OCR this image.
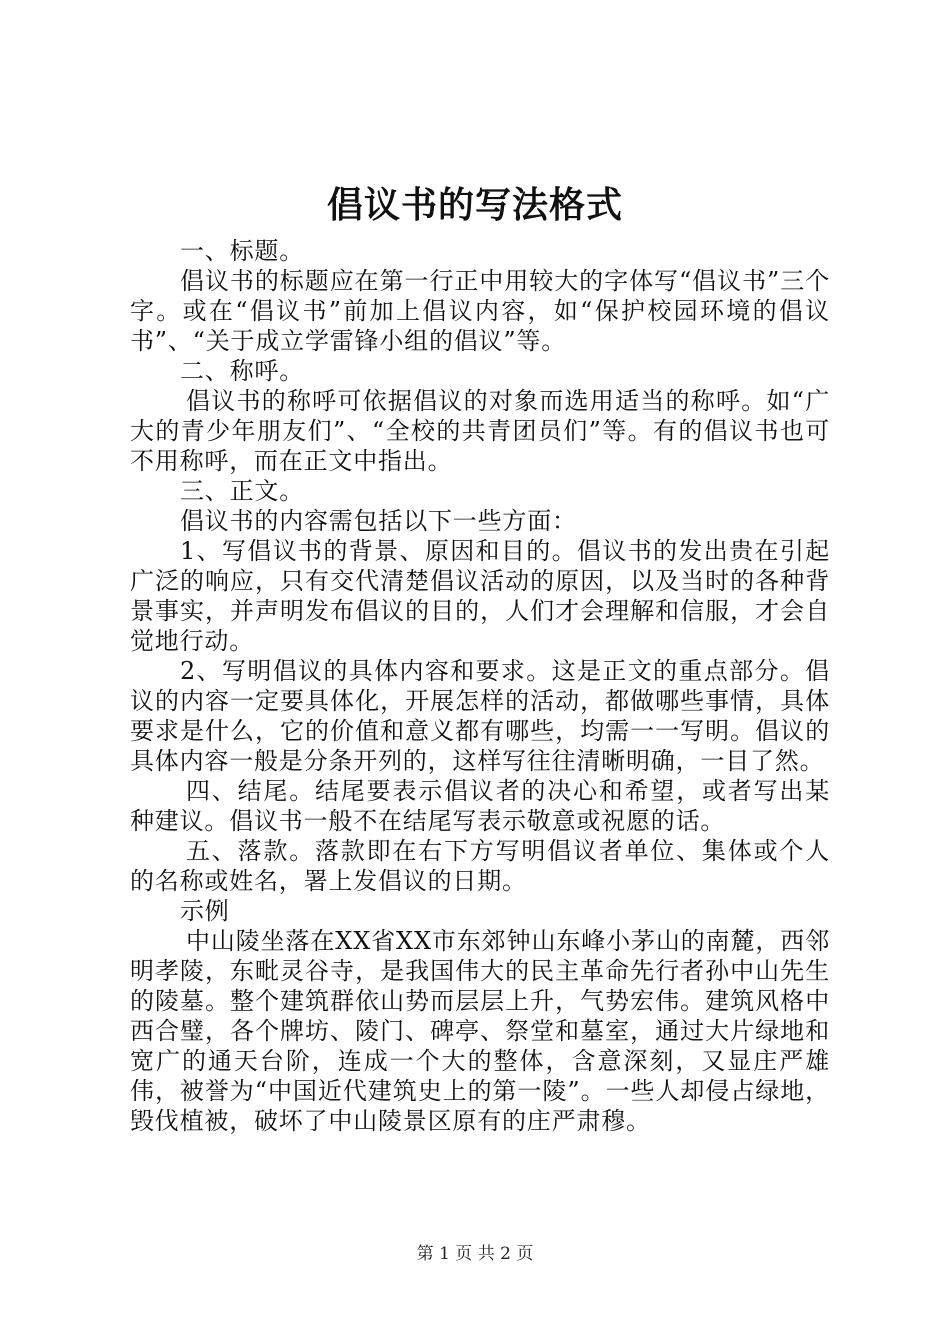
倡议书的写法格式

一、标题。

倡议书的标题应在第一行正中用较大的字体写“倡议书”三个字。或在“倡议书”前加上倡议内容，如“保护校园环境的倡议书”、“关于成立学雷锋小组的倡议”等。

二、称呼。

倡议书的称呼可依据倡议的对象而选用适当的称呼。如“广大的青少年朋友们”、“全校的共青团员们”等。有的倡议书也可不用称呼，而在正文中指出。

三、正文。

倡议书的内容需包括以下一些方面：

1、写倡议书的背景、原因和目的。倡议书的发出贵在引起广泛的响应，只有交代清楚倡议活动的原因，以及当时的各种背景事实，并声明发布倡议的目的，人们才会理解和信服，才会自觉地行动。

2、写明倡议的具体内容和要求。这是正文的重点部分。倡议的内容一定要具体化，开展怎样的活动，都做哪些事情，具体要求是什么，它的价值和意义都有哪些，均需一一写明。倡议的具体内容一般是分条开列的，这样写往往清晰明确，一目了然。

四、结尾。结尾要表示倡议者的决心和希望，或者写出某种建议。倡议书一般不在结尾写表示敬意或祝愿的话。

五、落款。落款即在右下方写明倡议者单位、集体或个人的名称或姓名，署上发倡议的日期。

示例

中山陵坐落在XX省XX市东郊钟山东峰小茅山的南麓，西邻明孝陵，东毗灵谷寺，是我国伟大的民主革命先行者孙中山先生的陵墓。整个建筑群依山势而层层上升，气势宏伟。建筑风格中西合璧，各个牌坊、陵门、碑亭、祭堂和墓室，通过大片绿地和宽广的通天台阶，连成一个大的整体，含意深刻，又显庄严雄伟，被誉为“中国近代建筑史上的第一陵”。一些人却侵占绿地，毁伐植被，破坏了中山陵景区原有的庄严肃穆。

第 1 页 共 2 页
